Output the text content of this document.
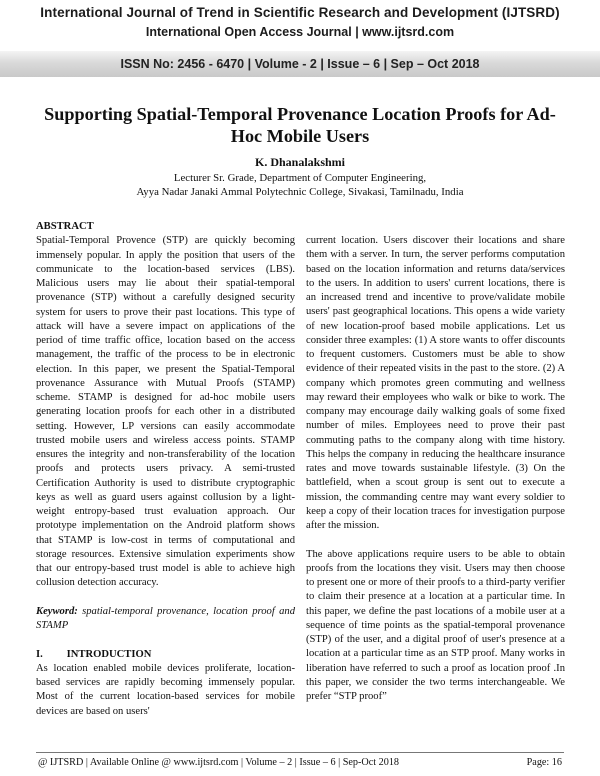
International Journal of Trend in Scientific Research and Development (IJTSRD)
International Open Access Journal | www.ijtsrd.com
ISSN No: 2456 - 6470 | Volume - 2 | Issue – 6 | Sep – Oct 2018
Supporting Spatial-Temporal Provenance Location Proofs for Ad-Hoc Mobile Users
K. Dhanalakshmi
Lecturer Sr. Grade, Department of Computer Engineering,
Ayya Nadar Janaki Ammal Polytechnic College, Sivakasi, Tamilnadu, India

ABSTRACT

Spatial-Temporal Provence (STP) are quickly becoming immensely popular. In apply the position that users of the communicate to the location-based services (LBS). Malicious users may lie about their spatial-temporal provenance (STP) without a carefully designed security system for users to prove their past locations. This type of attack will have a severe impact on applications of the period of time traffic office, location based on the access management, the traffic of the process to be in electronic election. In this paper, we present the Spatial-Temporal provenance Assurance with Mutual Proofs (STAMP) scheme. STAMP is designed for ad-hoc mobile users generating location proofs for each other in a distributed setting. However, LP versions can easily accommodate trusted mobile users and wireless access points. STAMP ensures the integrity and non-transferability of the location proofs and protects users privacy. A semi-trusted Certification Authority is used to distribute cryptographic keys as well as guard users against collusion by a light-weight entropy-based trust evaluation approach. Our prototype implementation on the Android platform shows that STAMP is low-cost in terms of computational and storage resources. Extensive simulation experiments show that our entropy-based trust model is able to achieve high collusion detection accuracy.

Keyword: spatial-temporal provenance, location proof and STAMP

I.         INTRODUCTION

As location enabled mobile devices proliferate, location-based services are rapidly becoming immensely popular. Most of the current location-based services for mobile devices are based on users'

current location. Users discover their locations and share them with a server. In turn, the server performs computation based on the location information and returns data/services to the users. In addition to users' current locations, there is an increased trend and incentive to prove/validate mobile users' past geographical locations. This opens a wide variety of new location-proof based mobile applications. Let us consider three examples: (1) A store wants to offer discounts to frequent customers. Customers must be able to show evidence of their repeated visits in the past to the store. (2) A company which promotes green commuting and wellness may reward their employees who walk or bike to work. The company may encourage daily walking goals of some fixed number of miles. Employees need to prove their past commuting paths to the company along with time history. This helps the company in reducing the healthcare insurance rates and move towards sustainable lifestyle. (3) On the battlefield, when a scout group is sent out to execute a mission, the commanding centre may want every soldier to keep a copy of their location traces for investigation purpose after the mission.

The above applications require users to be able to obtain proofs from the locations they visit. Users may then choose to present one or more of their proofs to a third-party verifier to claim their presence at a location at a particular time. In this paper, we define the past locations of a mobile user at a sequence of time points as the spatial-temporal provenance (STP) of the user, and a digital proof of user's presence at a location at a particular time as an STP proof. Many works in liberation have referred to such a proof as location proof .In this paper, we consider the two terms interchangeable. We prefer “STP proof”

@ IJTSRD | Available Online @ www.ijtsrd.com | Volume – 2 | Issue – 6 | Sep-Oct 2018	Page: 16
